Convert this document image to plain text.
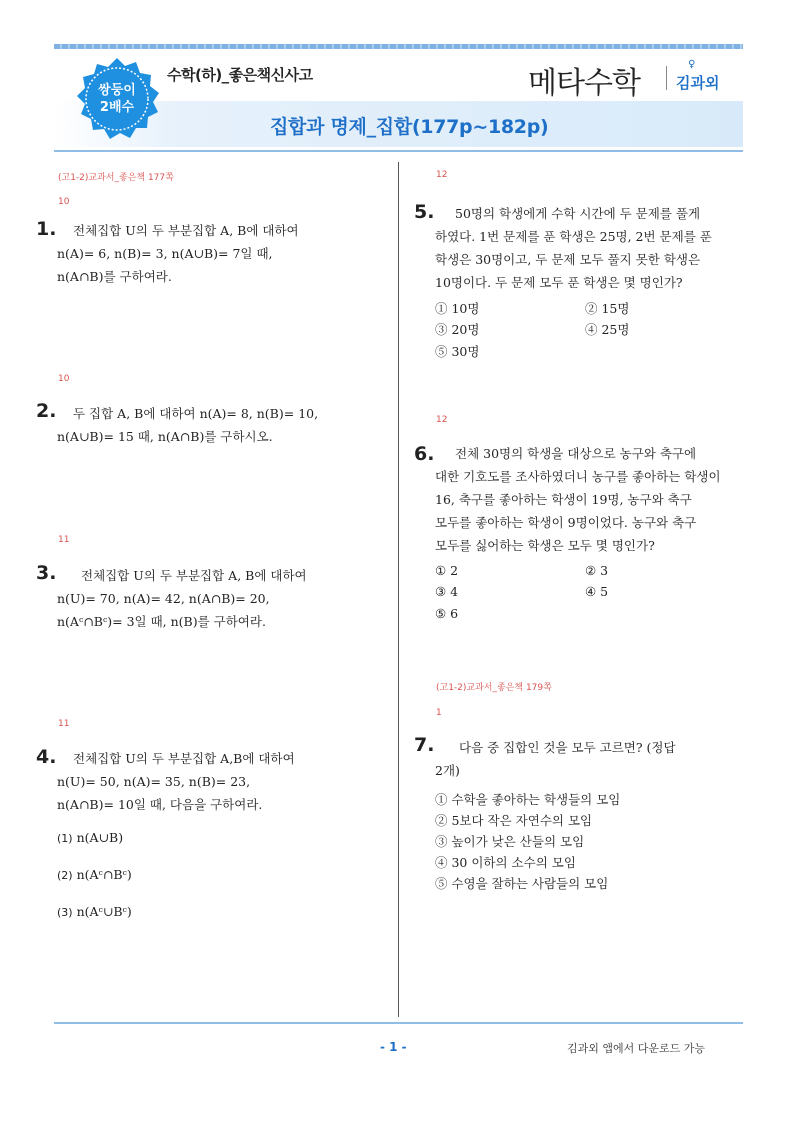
쌍둥이
2배수
수학(하)_좋은책신사고
집합과 명제_집합(177p~182p)
메타수학
♀
김과외
(고1-2)교과서_좋은책 177쪽
10
1.	전체집합 U의 두 부분집합 A, B에 대하여
n(A)= 6, n(B)= 3, n(A∪B)= 7일 때,
n(A∩B)를 구하여라.
10
2.	두 집합 A, B에 대하여 n(A)= 8, n(B)= 10,
n(A∪B)= 15 때, n(A∩B)를 구하시오.
11
3.	전체집합 U의 두 부분집합 A, B에 대하여
n(U)= 70, n(A)= 42, n(A∩B)= 20,
n(Aᶜ∩Bᶜ)= 3일 때, n(B)를 구하여라.
11
4.	전체집합 U의 두 부분집합 A,B에 대하여
n(U)= 50, n(A)= 35, n(B)= 23,
n(A∩B)= 10일 때, 다음을 구하여라.
(1) n(A∪B)
(2) n(Aᶜ∩Bᶜ)
(3) n(Aᶜ∪Bᶜ)
12
5.	50명의 학생에게 수학 시간에 두 문제를 풀게
하였다. 1번 문제를 푼 학생은 25명, 2번 문제를 푼
학생은 30명이고, 두 문제 모두 풀지 못한 학생은
10명이다. 두 문제 모두 푼 학생은 몇 명인가?
① 10명	② 15명
③ 20명	④ 25명
⑤ 30명
12
6.	전체 30명의 학생을 대상으로 농구와 축구에
대한 기호도를 조사하였더니 농구를 좋아하는 학생이
16, 축구를 좋아하는 학생이 19명, 농구와 축구
모두를 좋아하는 학생이 9명이었다. 농구와 축구
모두를 싫어하는 학생은 모두 몇 명인가?
① 2	② 3
③ 4	④ 5
⑤ 6
(고1-2)교과서_좋은책 179쪽
1
7.	다음 중 집합인 것을 모두 고르면? (정답
2개)
① 수학을 좋아하는 학생들의 모임
② 5보다 작은 자연수의 모임
③ 높이가 낮은 산들의 모임
④ 30 이하의 소수의 모임
⑤ 수영을 잘하는 사람들의 모임
- 1 -	김과외 앱에서 다운로드 가능
